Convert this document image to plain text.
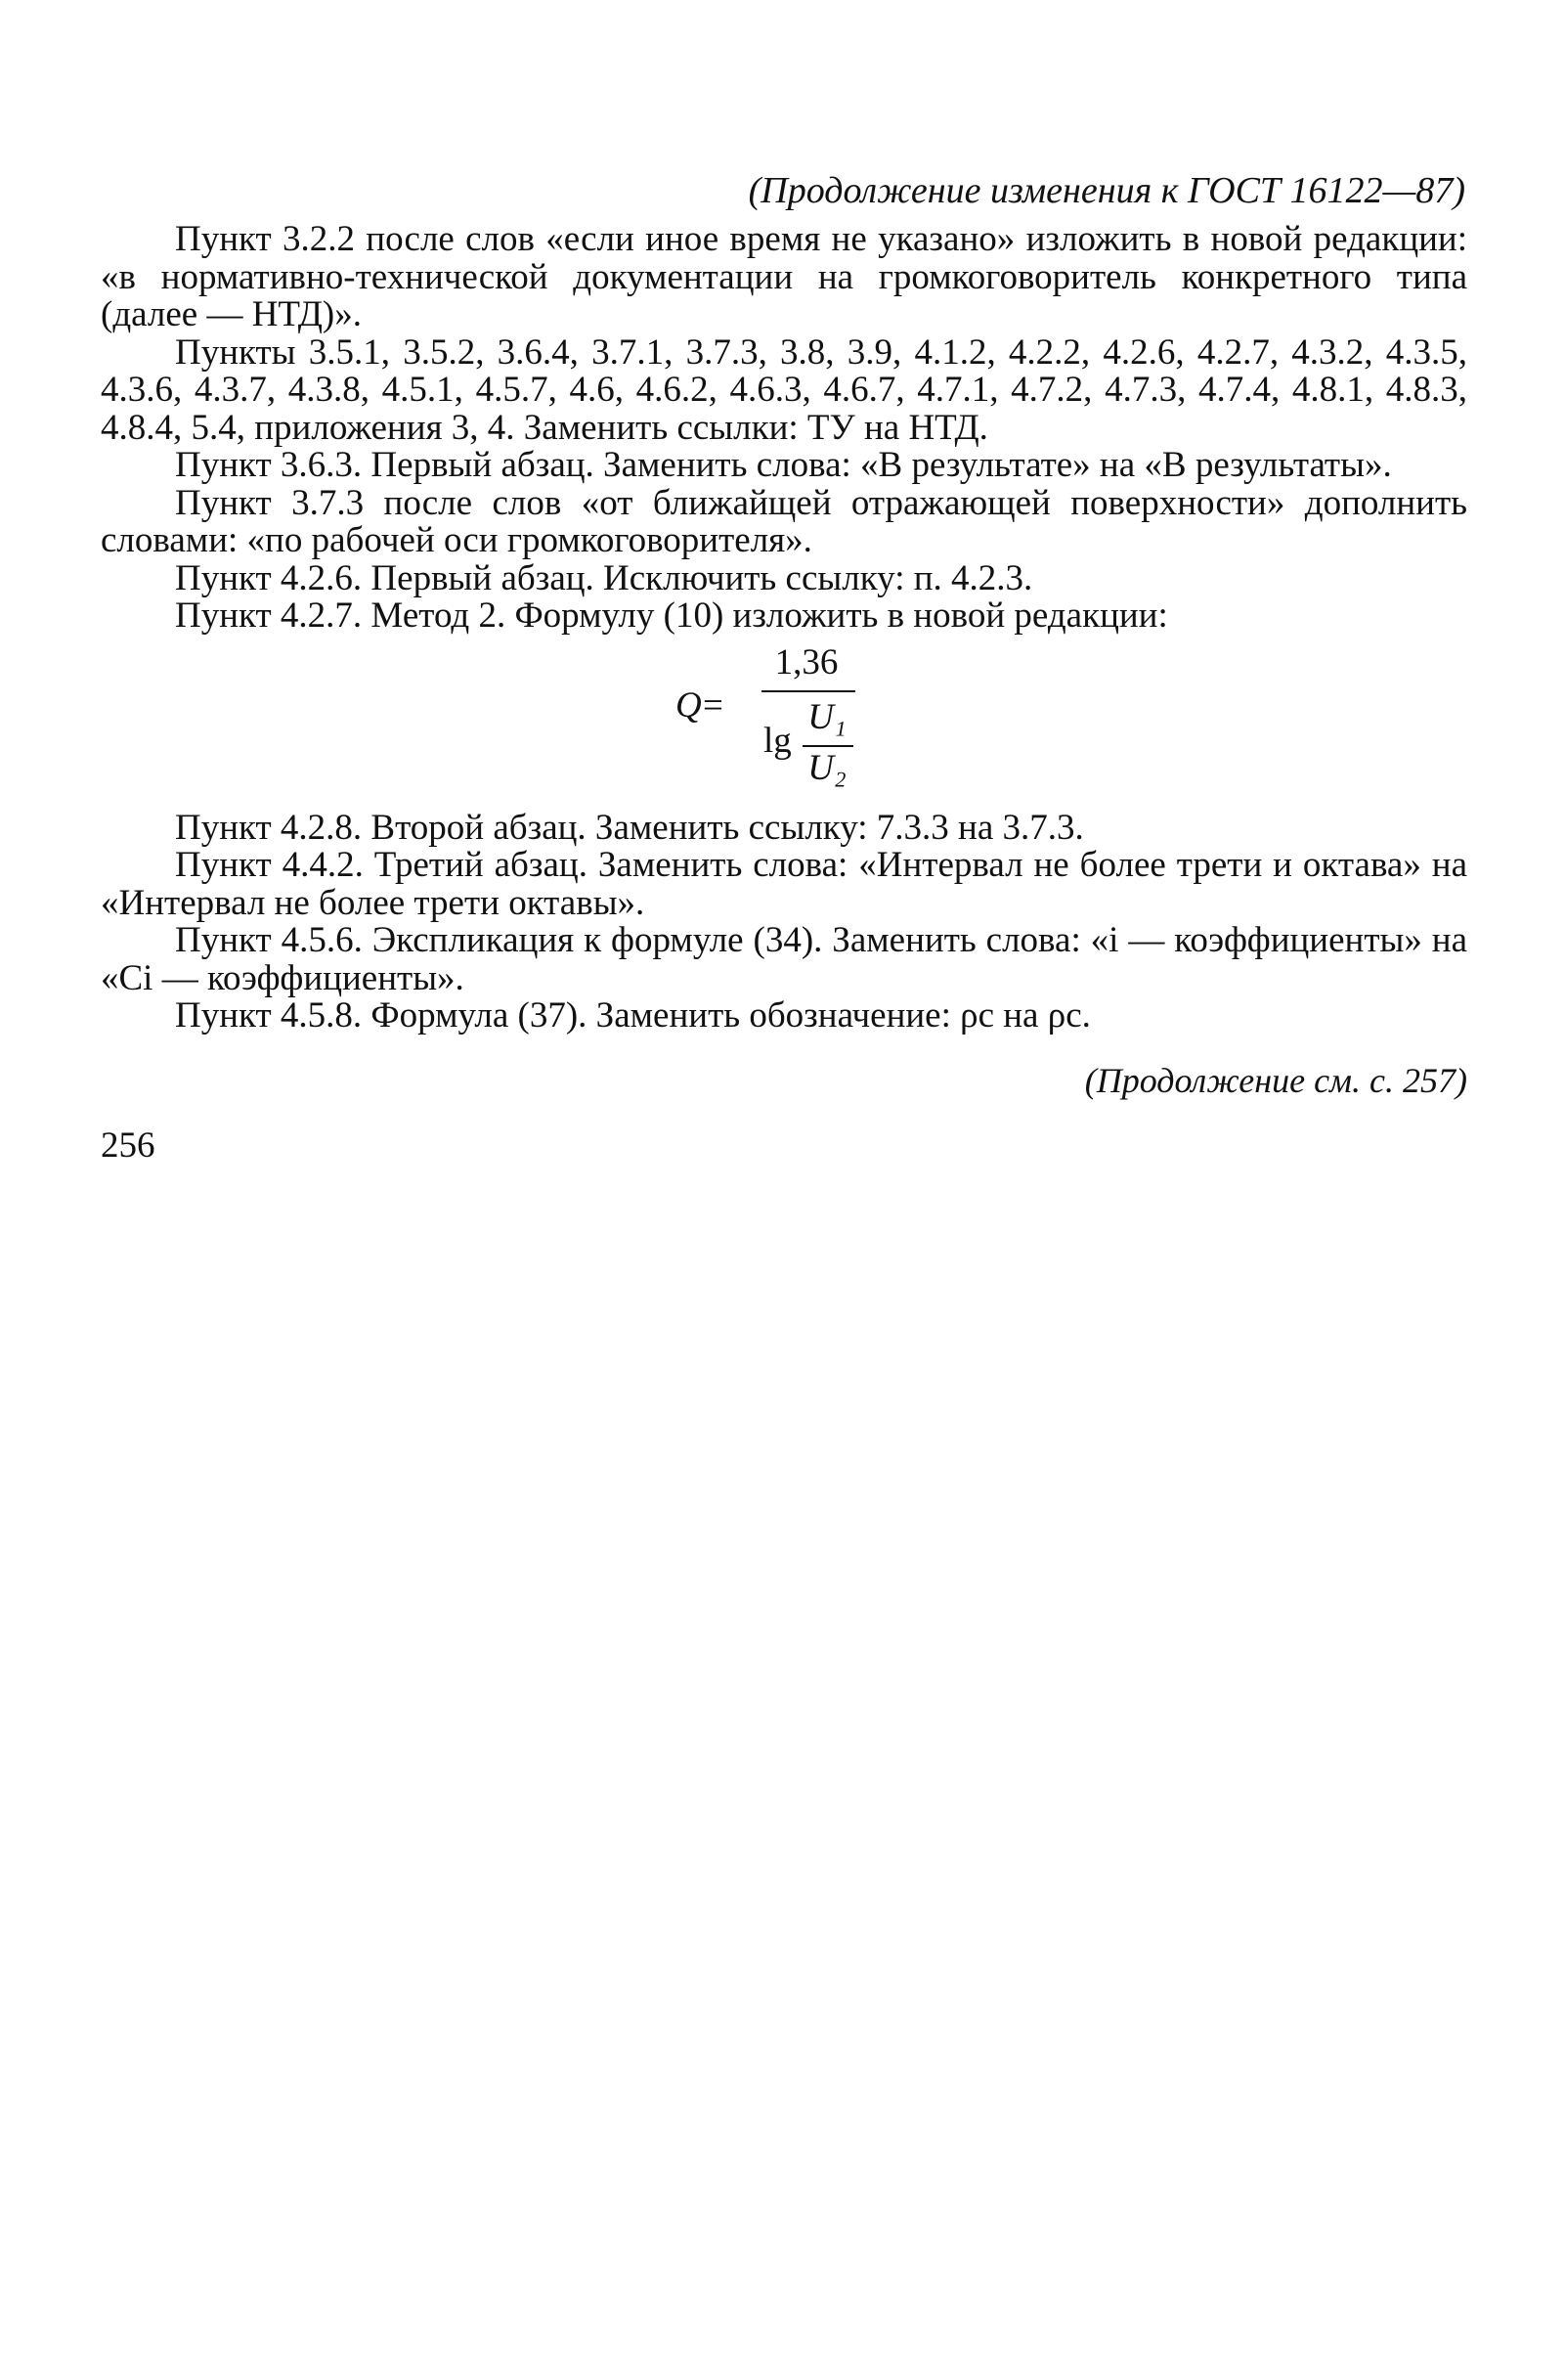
(Продолжение изменения к ГОСТ 16122—87)

Пункт 3.2.2 после слов «если иное время не указано» изложить в новой редакции: «в нормативно-технической документации на громкоговоритель конкретного типа (далее — НТД)».

Пункты 3.5.1, 3.5.2, 3.6.4, 3.7.1, 3.7.3, 3.8, 3.9, 4.1.2, 4.2.2, 4.2.6, 4.2.7, 4.3.2, 4.3.5, 4.3.6, 4.3.7, 4.3.8, 4.5.1, 4.5.7, 4.6, 4.6.2, 4.6.3, 4.6.7, 4.7.1, 4.7.2, 4.7.3, 4.7.4, 4.8.1, 4.8.3, 4.8.4, 5.4, приложения 3, 4. Заменить ссылки: ТУ на НТД.

Пункт 3.6.3. Первый абзац. Заменить слова: «В результате» на «В результаты».

Пункт 3.7.3 после слов «от ближайщей отражающей поверхности» дополнить словами: «по рабочей оси громкоговорителя».

Пункт 4.2.6. Первый абзац. Исключить ссылку: п. 4.2.3.

Пункт 4.2.7. Метод 2. Формулу (10) изложить в новой редакции:

Q =
1,36
lg
U₁
U₂

Пункт 4.2.8. Второй абзац. Заменить ссылку: 7.3.3 на 3.7.3.

Пункт 4.4.2. Третий абзац. Заменить слова: «Интервал не более трети и октава» на «Интервал не более трети октавы».

Пункт 4.5.6. Экспликация к формуле (34). Заменить слова: «i — коэффициенты» на «Ci — коэффициенты».

Пункт 4.5.8. Формула (37). Заменить обозначение: ρс на ρc.

(Продолжение см. с. 257)
256
